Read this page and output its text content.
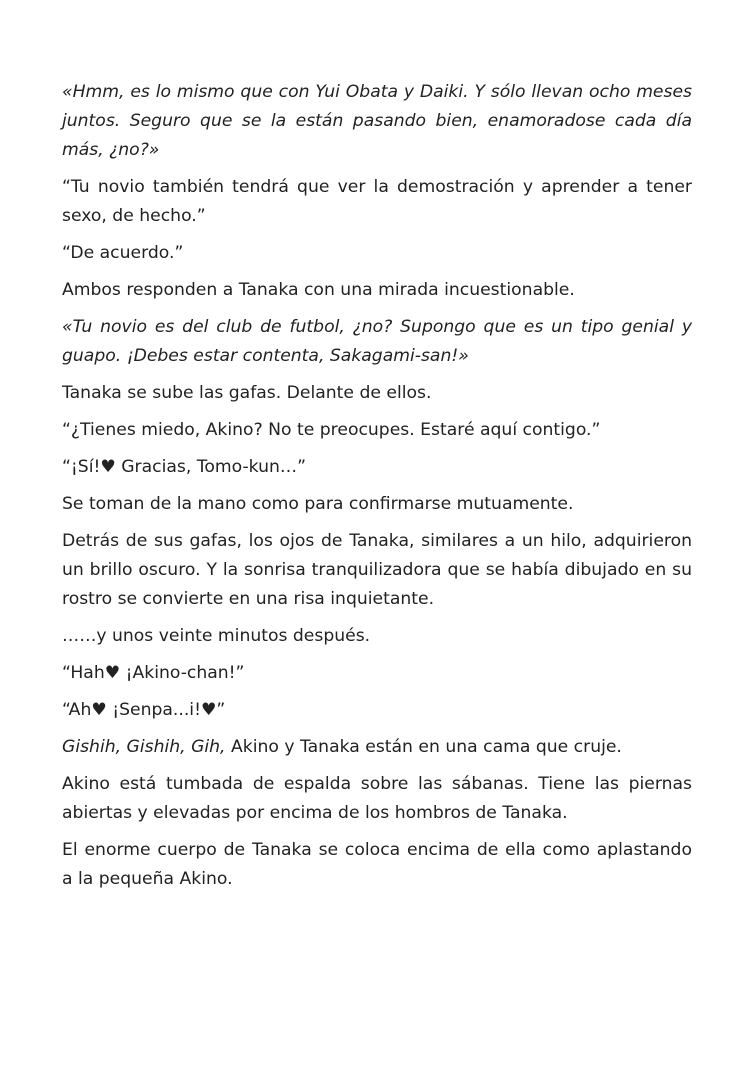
«Hmm, es lo mismo que con Yui Obata y Daiki. Y sólo llevan ocho meses juntos. Seguro que se la están pasando bien, enamoradose cada día más, ¿no?»

“Tu novio también tendrá que ver la demostración y aprender a tener sexo, de hecho.”

“De acuerdo.”

Ambos responden a Tanaka con una mirada incuestionable.

«Tu novio es del club de futbol, ¿no? Supongo que es un tipo genial y guapo. ¡Debes estar contenta, Sakagami-san!»

Tanaka se sube las gafas. Delante de ellos.

“¿Tienes miedo, Akino? No te preocupes. Estaré aquí contigo.”

“¡Sí!♥ Gracias, Tomo-kun…”

Se toman de la mano como para confirmarse mutuamente.

Detrás de sus gafas, los ojos de Tanaka, similares a un hilo, adquirieron un brillo oscuro. Y la sonrisa tranquilizadora que se había dibujado en su rostro se convierte en una risa inquietante.

……y unos veinte minutos después.

“Hah♥ ¡Akino-chan!”

“Ah♥ ¡Senpa...i!♥”

Gishih, Gishih, Gih, Akino y Tanaka están en una cama que cruje.

Akino está tumbada de espalda sobre las sábanas. Tiene las piernas abiertas y elevadas por encima de los hombros de Tanaka.

El enorme cuerpo de Tanaka se coloca encima de ella como aplastando a la pequeña Akino.
